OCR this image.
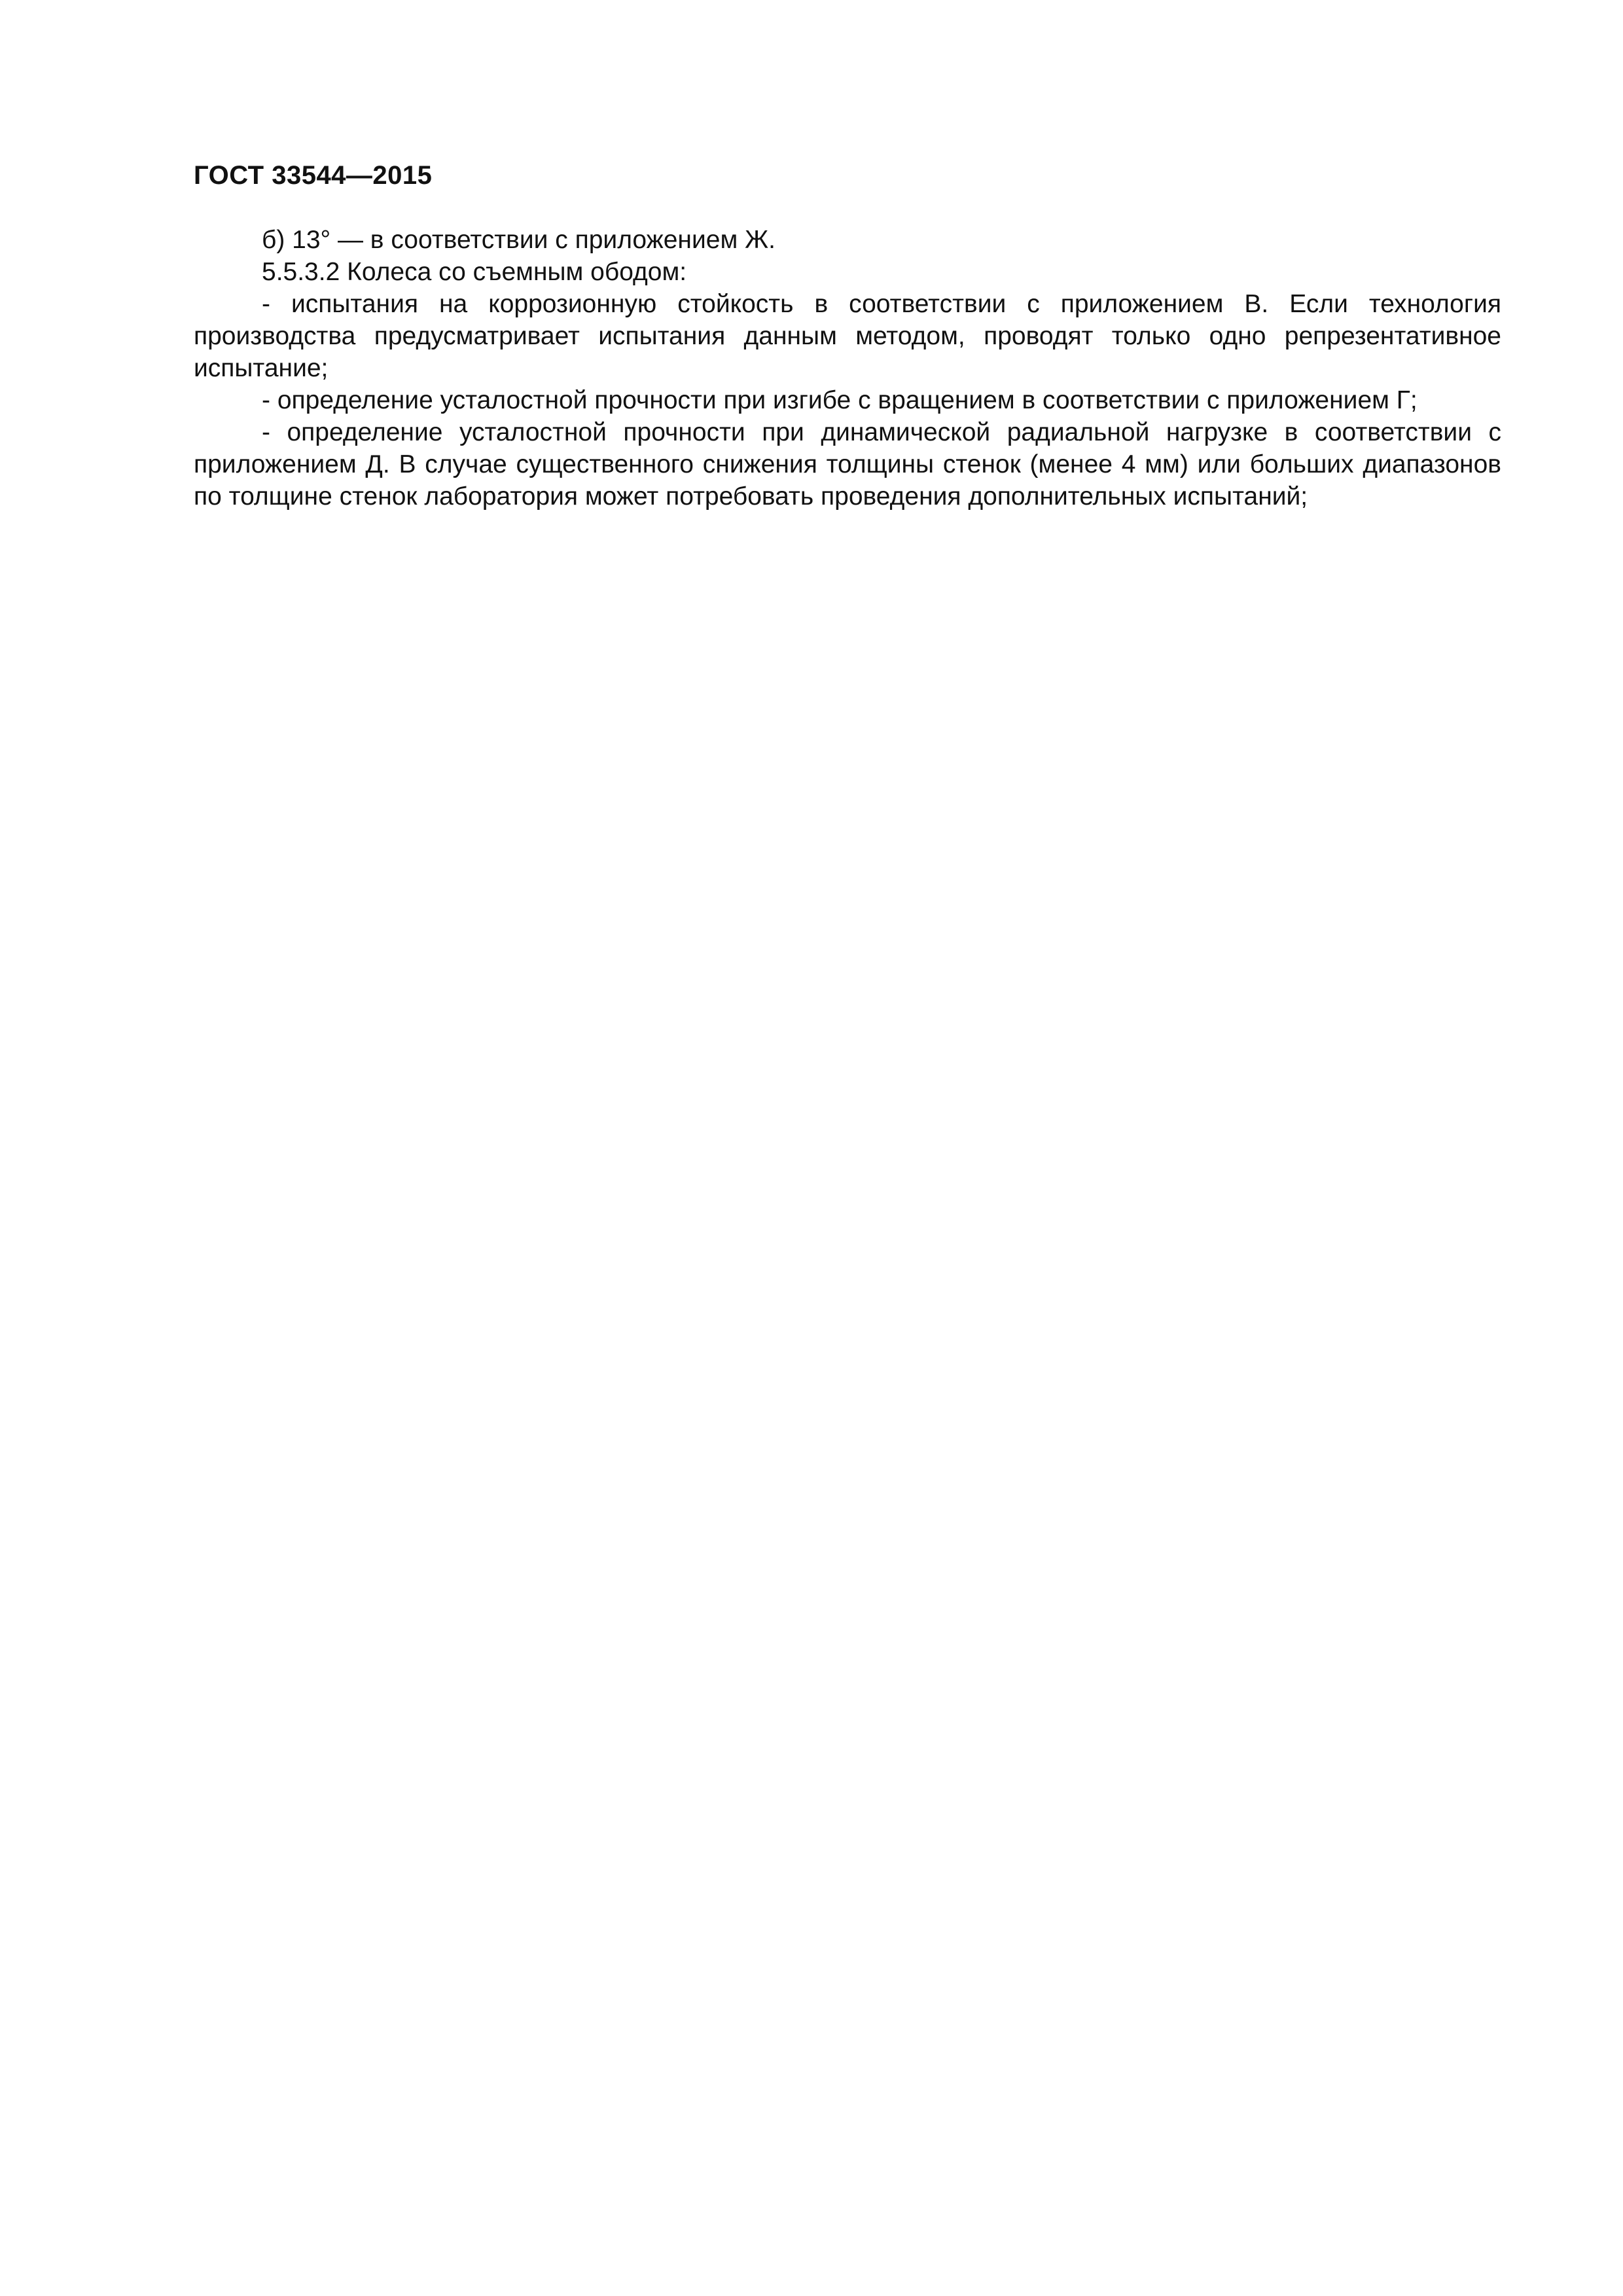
ГОСТ 33544—2015

б) 13° — в соответствии с приложением Ж.

5.5.3.2 Колеса со съемным ободом:

- испытания на коррозионную стойкость в соответствии с приложением В. Если технология производства предусматривает испытания данным методом, проводят только одно репрезентативное испытание;

- определение усталостной прочности при изгибе с вращением в соответствии с приложением Г;

- определение усталостной прочности при динамической радиальной нагрузке в соответствии с приложением Д. В случае существенного снижения толщины стенок (менее 4 мм) или больших диапазонов по толщине стенок лаборатория может потребовать проведения дополнительных испытаний;
